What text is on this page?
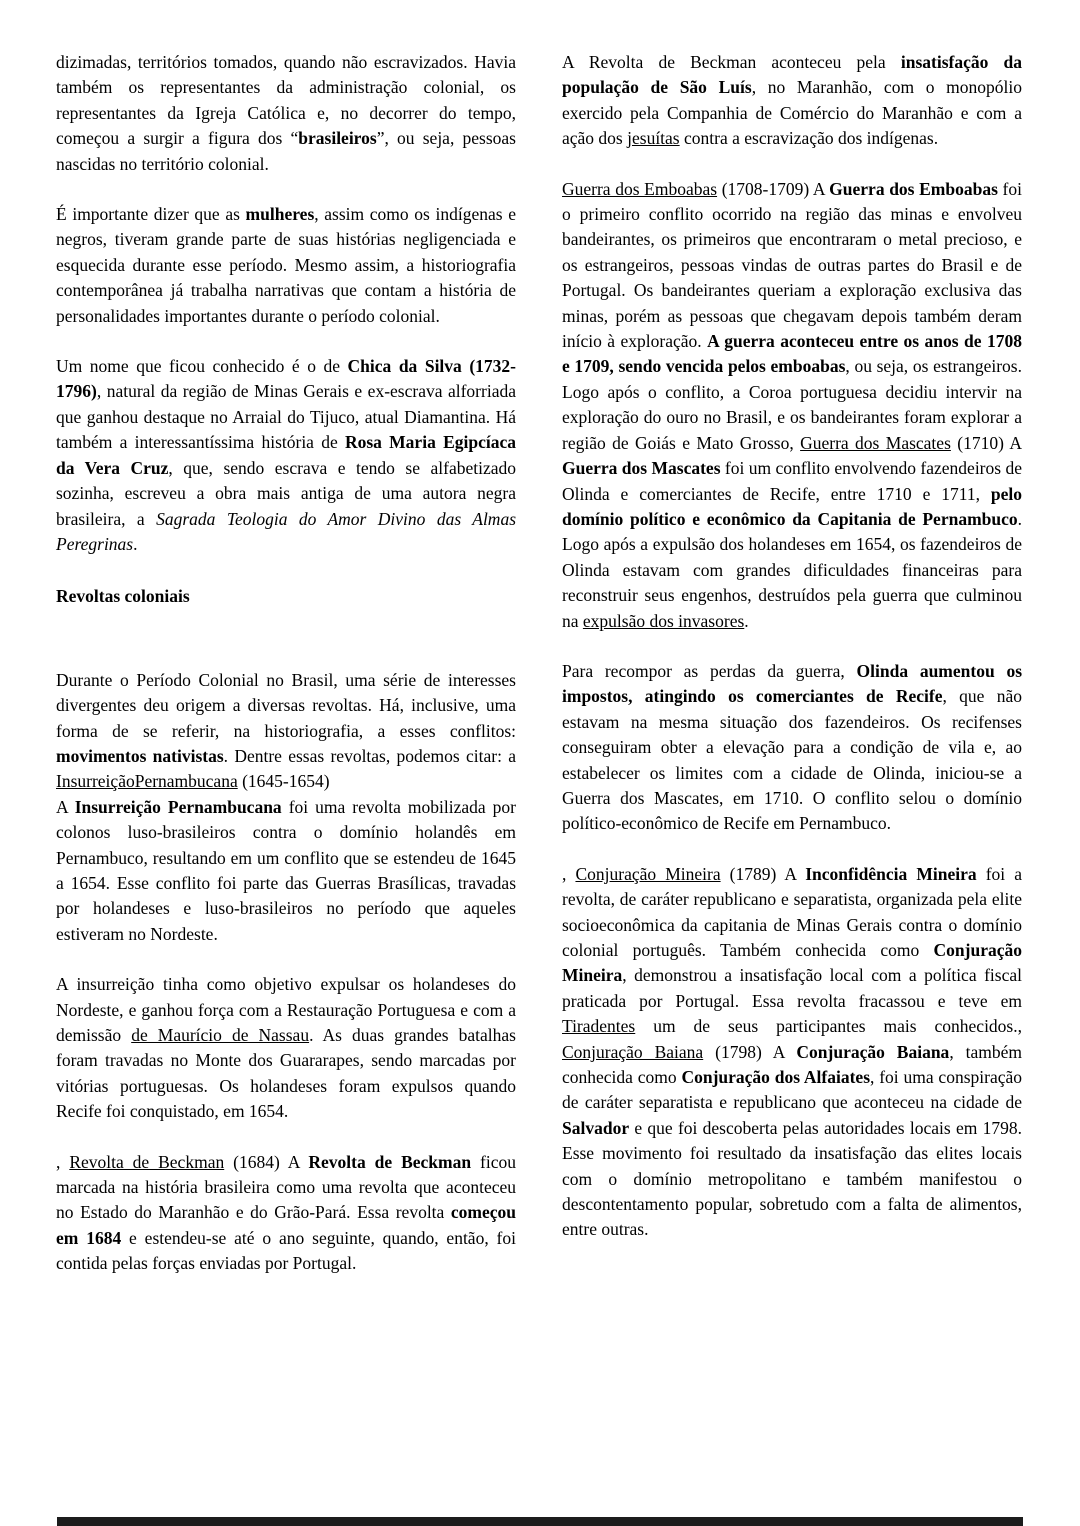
dizimadas, territórios tomados, quando não escravizados. Havia também os representantes da administração colonial, os representantes da Igreja Católica e, no decorrer do tempo, começou a surgir a figura dos “brasileiros”, ou seja, pessoas nascidas no território colonial.

É importante dizer que as mulheres, assim como os indígenas e negros, tiveram grande parte de suas histórias negligenciada e esquecida durante esse período. Mesmo assim, a historiografia contemporânea já trabalha narrativas que contam a história de personalidades importantes durante o período colonial.

Um nome que ficou conhecido é o de Chica da Silva (1732-1796), natural da região de Minas Gerais e ex-escrava alforriada que ganhou destaque no Arraial do Tijuco, atual Diamantina. Há também a interessantíssima história de Rosa Maria Egipcíaca da Vera Cruz, que, sendo escrava e tendo se alfabetizado sozinha, escreveu a obra mais antiga de uma autora negra brasileira, a Sagrada Teologia do Amor Divino das Almas Peregrinas.

Revoltas coloniais

Durante o Período Colonial no Brasil, uma série de interesses divergentes deu origem a diversas revoltas. Há, inclusive, uma forma de se referir, na historiografia, a esses conflitos: movimentos nativistas. Dentre essas revoltas, podemos citar: a InsurreiçãoPernambucana (1645-1654)
A Insurreição Pernambucana foi uma revolta mobilizada por colonos luso-brasileiros contra o domínio holandês em Pernambuco, resultando em um conflito que se estendeu de 1645 a 1654. Esse conflito foi parte das Guerras Brasílicas, travadas por holandeses e luso-brasileiros no período que aqueles estiveram no Nordeste.

A insurreição tinha como objetivo expulsar os holandeses do Nordeste, e ganhou força com a Restauração Portuguesa e com a demissão de Maurício de Nassau. As duas grandes batalhas foram travadas no Monte dos Guararapes, sendo marcadas por vitórias portuguesas. Os holandeses foram expulsos quando Recife foi conquistado, em 1654.

, Revolta de Beckman (1684) A Revolta de Beckman ficou marcada na história brasileira como uma revolta que aconteceu no Estado do Maranhão e do Grão-Pará. Essa revolta começou em 1684 e estendeu-se até o ano seguinte, quando, então, foi contida pelas forças enviadas por Portugal.

A Revolta de Beckman aconteceu pela insatisfação da população de São Luís, no Maranhão, com o monopólio exercido pela Companhia de Comércio do Maranhão e com a ação dos jesuítas contra a escravização dos indígenas.

Guerra dos Emboabas (1708-1709) A Guerra dos Emboabas foi o primeiro conflito ocorrido na região das minas e envolveu bandeirantes, os primeiros que encontraram o metal precioso, e os estrangeiros, pessoas vindas de outras partes do Brasil e de Portugal. Os bandeirantes queriam a exploração exclusiva das minas, porém as pessoas que chegavam depois também deram início à exploração. A guerra aconteceu entre os anos de 1708 e 1709, sendo vencida pelos emboabas, ou seja, os estrangeiros. Logo após o conflito, a Coroa portuguesa decidiu intervir na exploração do ouro no Brasil, e os bandeirantes foram explorar a região de Goiás e Mato Grosso, Guerra dos Mascates (1710) A Guerra dos Mascates foi um conflito envolvendo fazendeiros de Olinda e comerciantes de Recife, entre 1710 e 1711, pelo domínio político e econômico da Capitania de Pernambuco. Logo após a expulsão dos holandeses em 1654, os fazendeiros de Olinda estavam com grandes dificuldades financeiras para reconstruir seus engenhos, destruídos pela guerra que culminou na expulsão dos invasores.

Para recompor as perdas da guerra, Olinda aumentou os impostos, atingindo os comerciantes de Recife, que não estavam na mesma situação dos fazendeiros. Os recifenses conseguiram obter a elevação para a condição de vila e, ao estabelecer os limites com a cidade de Olinda, iniciou-se a Guerra dos Mascates, em 1710. O conflito selou o domínio político-econômico de Recife em Pernambuco.

, Conjuração Mineira (1789) A Inconfidência Mineira foi a revolta, de caráter republicano e separatista, organizada pela elite socioeconômica da capitania de Minas Gerais contra o domínio colonial português. Também conhecida como Conjuração Mineira, demonstrou a insatisfação local com a política fiscal praticada por Portugal. Essa revolta fracassou e teve em Tiradentes um de seus participantes mais conhecidos., Conjuração Baiana (1798) A Conjuração Baiana, também conhecida como Conjuração dos Alfaiates, foi uma conspiração de caráter separatista e republicano que aconteceu na cidade de Salvador e que foi descoberta pelas autoridades locais em 1798. Esse movimento foi resultado da insatisfação das elites locais com o domínio metropolitano e também manifestou o descontentamento popular, sobretudo com a falta de alimentos, entre outras.
